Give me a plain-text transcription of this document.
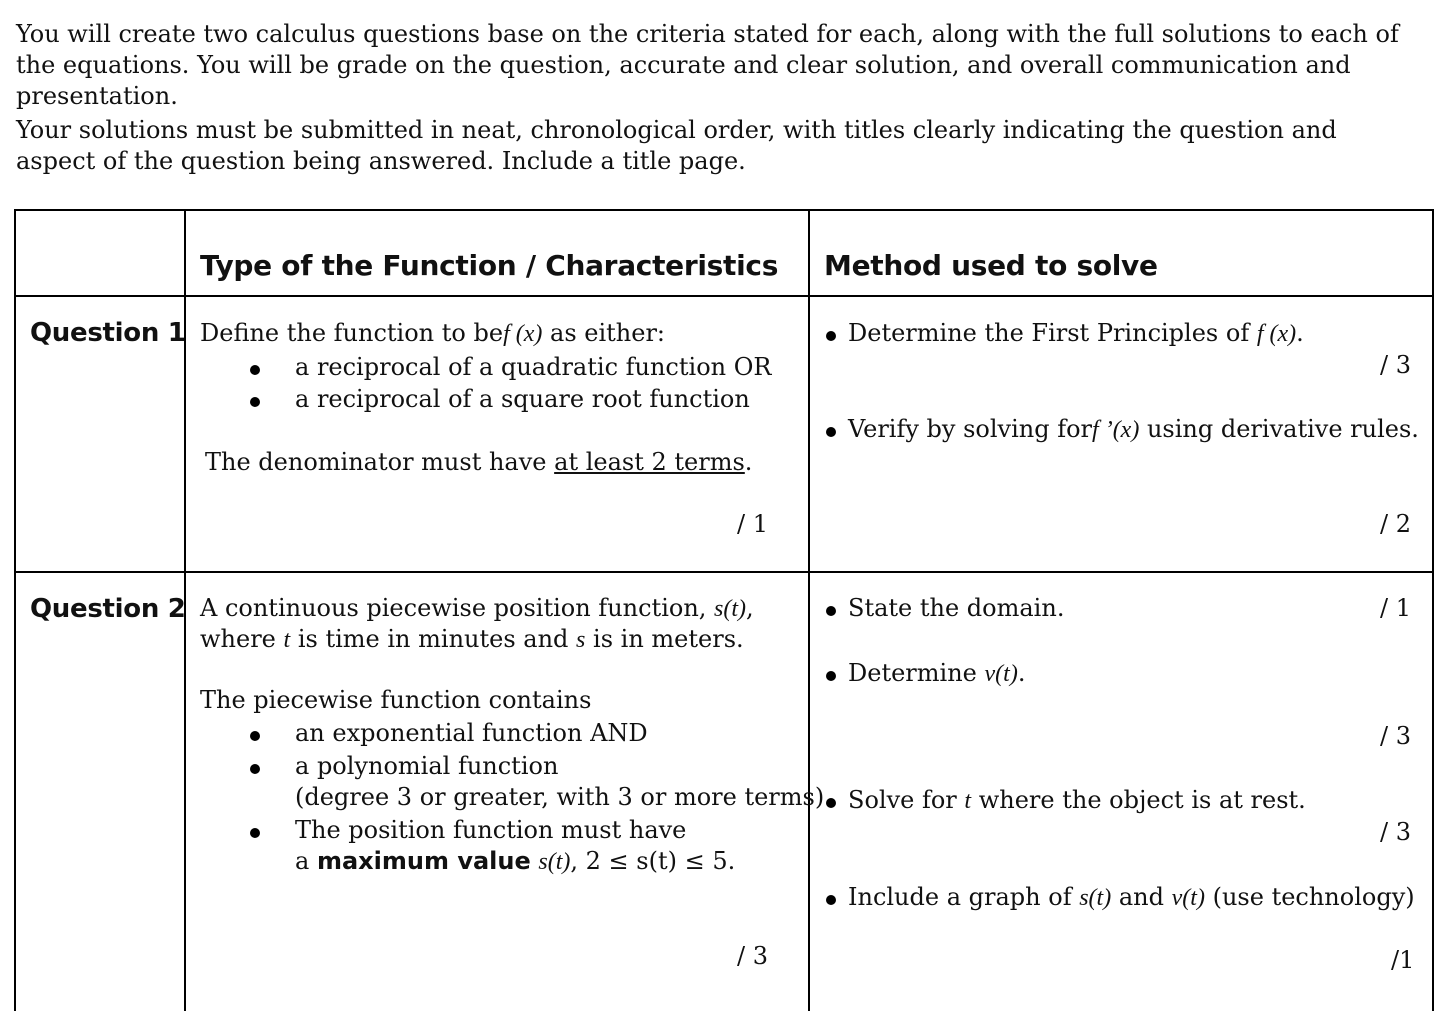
You will create two calculus questions base on the criteria stated for each, along with the full solutions to each of the equations. You will be grade on the question, accurate and clear solution, and overall communication and presentation.

Your solutions must be submitted in neat, chronological order, with titles clearly indicating the question and aspect of the question being answered. Include a title page.

Type of the Function / Characteristics Method used to solve
Question 1 Define the function to bef (x) as either:
a reciprocal of a quadratic function OR
a reciprocal of a square root function
The denominator must have at least 2 terms.
/ 1
Determine the First Principles of f (x).
/ 3
Verify by solving forf ’(x) using derivative rules.
/ 2
Question 2 A continuous piecewise position function, s(t),
where t is time in minutes and s is in meters.
The piecewise function contains
an exponential function AND
a polynomial function
(degree 3 or greater, with 3 or more terms)
The position function must have
a maximum value s(t), 2 ≤ s(t) ≤ 5.
/ 3
State the domain.	/ 1
Determine v(t).
/ 3
Solve for t where the object is at rest.
/ 3
Include a graph of s(t) and v(t) (use technology)
/1
